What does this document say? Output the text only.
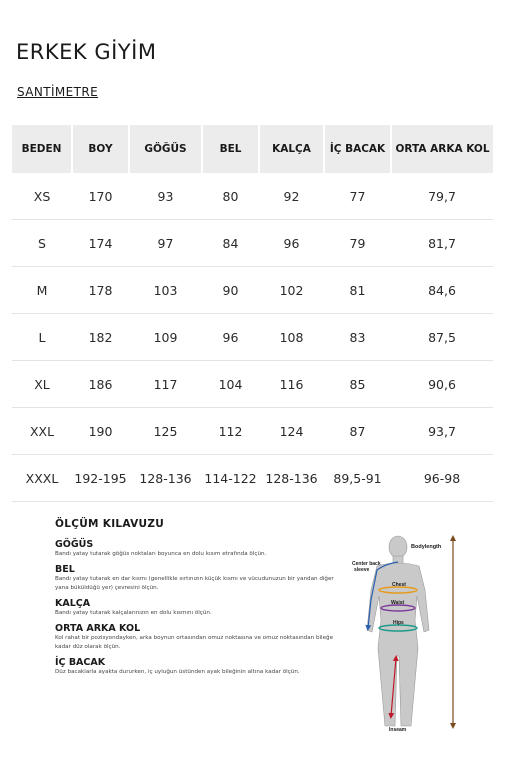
ERKEK GİYİM
SANTİMETRE
BEDEN	BOY	GÖĞÜS	BEL	KALÇA	İÇ BACAK	ORTA ARKA KOL
XS	170	93	80	92	77	79,7
S	174	97	84	96	79	81,7
M	178	103	90	102	81	84,6
L	182	109	96	108	83	87,5
XL	186	117	104	116	85	90,6
XXL	190	125	112	124	87	93,7
XXXL	192-195	128-136	114-122	128-136	89,5-91	96-98
ÖLÇÜM KILAVUZU
GÖĞÜS
Bandı yatay tutarak göğüs noktaları boyunca en dolu kısım etrafında ölçün.
BEL
Bandı yatay tutarak en dar kısmı (genellikle sırtınızın küçük kısmı ve vücudunuzun bir yandan diğer yana büküldüğü yer) çevresini ölçün.
KALÇA
Bandı yatay tutarak kalçalarınızın en dolu kısmını ölçün.
ORTA ARKA KOL
Kol rahat bir pozisyondayken, arka boynun ortasından omuz noktasına ve omuz noktasından bileğe kadar düz olarak ölçün.
İÇ BACAK
Düz bacaklarla ayakta dururken, iç uyluğun üstünden ayak bileğinin altına kadar ölçün.
Bodylength
Center back
sleeve
Chest
Waist
Hips
Inseam
